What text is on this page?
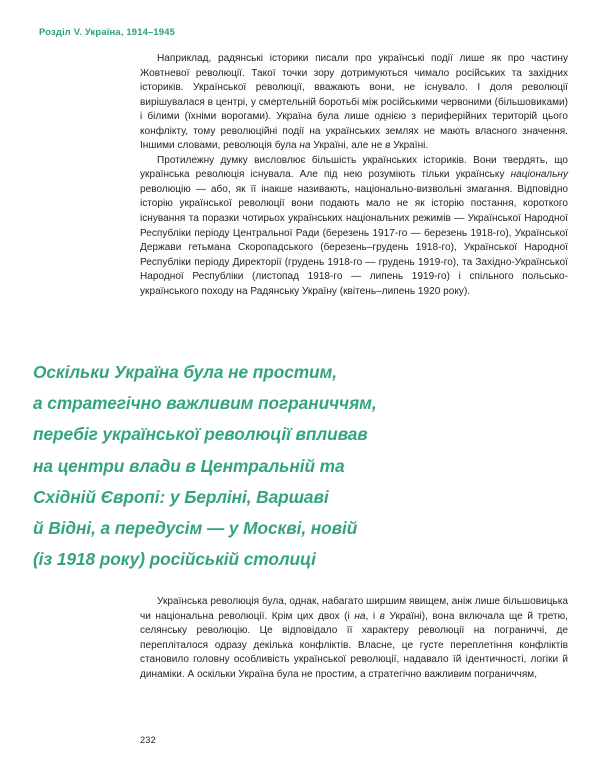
Розділ V. Україна, 1914–1945

Наприклад, радянські історики писали про українські події лише як про частину Жовтневої революції. Такої точки зору дотримуються чимало російських та західних істориків. Української революції, вважають вони, не існувало. І доля революції вирішувалася в центрі, у смертельній боротьбі між російськими червоними (більшовиками) і білими (їхніми ворогами). Україна була лише однією з периферійних територій цього конфлікту, тому революційні події на українських землях не мають власного значення. Іншими словами, революція була на Україні, але не в Україні.

Протилежну думку висловлює більшість українських істориків. Вони твердять, що українська революція існувала. Але під нею розуміють тільки українську національну революцію — або, як її інакше називають, національно-визвольні змагання. Відповідно історію української революції вони подають мало не як історію постання, короткого існування та поразки чотирьох українських національних режимів — Української Народної Республіки періоду Центральної Ради (березень 1917-го — березень 1918-го), Української Держави гетьмана Скоропадського (березень–грудень 1918-го), Української Народної Республіки періоду Директорії (грудень 1918-го — грудень 1919-го), та Західно-Української Народної Республіки (листопад 1918-го — липень 1919-го) і спільного польсько-українського походу на Радянську Україну (квітень–липень 1920 року).

Оскільки Україна була не простим,
а стратегічно важливим пограниччям,
перебіг української революції впливав
на центри влади в Центральній та
Східній Європі: у Берліні, Варшаві
й Відні, а передусім — у Москві, новій
(із 1918 року) російській столиці

Українська революція була, однак, набагато ширшим явищем, аніж лише більшовицька чи національна революції. Крім цих двох (і на, і в Україні), вона включала ще й третю, селянську революцію. Це відповідало її характеру революції на пограниччі, де перепліталося одразу декілька конфліктів. Власне, це густе переплетіння конфліктів становило головну особливість української революції, надавало їй ідентичності, логіки й динаміки. А оскільки Україна була не простим, а стратегічно важливим пограниччям,

232
